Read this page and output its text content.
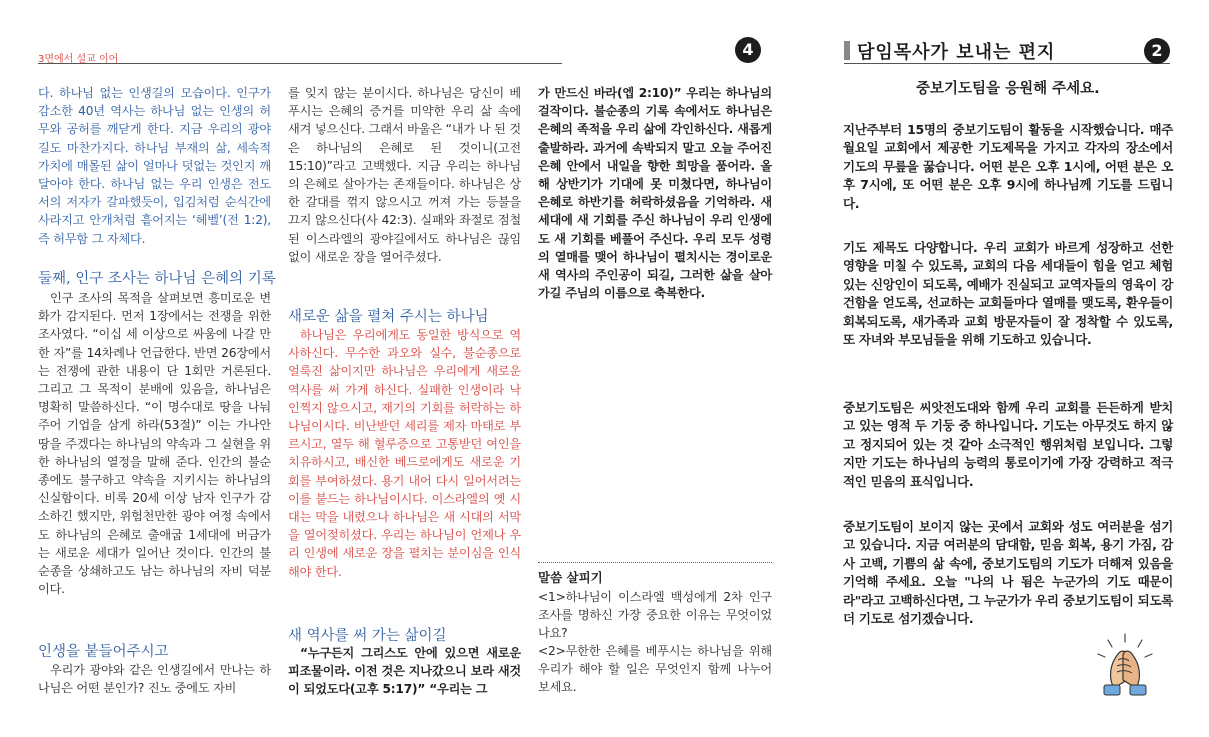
3면에서 설교 이어
4	담임목사가 보내는 편지	2
다. 하나님 없는 인생길의 모습이다. 인구가 감소한 40년 역사는 하나님 없는 인생의 허무와 공허를 깨닫게 한다. 지금 우리의 광야길도 마찬가지다. 하나님 부재의 삶, 세속적 가치에 매몰된 삶이 얼마나 덧없는 것인지 깨달아야 한다. 하나님 없는 우리 인생은 전도서의 저자가 갈파했듯이, 입김처럼 순식간에 사라지고 안개처럼 흩어지는 ‘헤벨’(전 1:2), 즉 허무함 그 자체다.
둘째, 인구 조사는 하나님 은혜의 기록
인구 조사의 목적을 살펴보면 흥미로운 변화가 감지된다. 먼저 1장에서는 전쟁을 위한 조사였다. “이십 세 이상으로 싸움에 나갈 만한 자”를 14차례나 언급한다. 반면 26장에서는 전쟁에 관한 내용이 단 1회만 거론된다. 그리고 그 목적이 분배에 있음을, 하나님은 명확히 말씀하신다. “이 명수대로 땅을 나눠 주어 기업을 삼게 하라(53절)” 이는 가나안 땅을 주겠다는 하나님의 약속과 그 실현을 위한 하나님의 열정을 말해 준다. 인간의 불순종에도 불구하고 약속을 지키시는 하나님의 신실함이다. 비록 20세 이상 남자 인구가 감소하긴 했지만, 위험천만한 광야 여정 속에서도 하나님의 은혜로 출애굽 1세대에 버금가는 새로운 세대가 일어난 것이다. 인간의 불순종을 상쇄하고도 남는 하나님의 자비 덕분이다.
인생을 붙들어주시고
우리가 광야와 같은 인생길에서 만나는 하나님은 어떤 분인가? 진노 중에도 자비
를 잊지 않는 분이시다. 하나님은 당신이 베푸시는 은혜의 증거를 미약한 우리 삶 속에 새겨 넣으신다. 그래서 바울은 “내가 나 된 것은 하나님의 은혜로 된 것이니(고전 15:10)”라고 고백했다. 지금 우리는 하나님의 은혜로 살아가는 존재들이다. 하나님은 상한 갈대를 꺾지 않으시고 꺼져 가는 등불을 끄지 않으신다(사 42:3). 실패와 좌절로 점철된 이스라엘의 광야길에서도 하나님은 끊임없이 새로운 장을 열어주셨다.
새로운 삶을 펼쳐 주시는 하나님
하나님은 우리에게도 동일한 방식으로 역사하신다. 무수한 과오와 실수, 불순종으로 얼룩진 삶이지만 하나님은 우리에게 새로운 역사를 써 가게 하신다. 실패한 인생이라 낙인찍지 않으시고, 재기의 기회를 허락하는 하나님이시다. 비난받던 세리를 제자 마태로 부르시고, 열두 해 혈루증으로 고통받던 여인을 치유하시고, 배신한 베드로에게도 새로운 기회를 부여하셨다. 용기 내어 다시 일어서려는 이를 붙드는 하나님이시다. 이스라엘의 옛 시대는 막을 내렸으나 하나님은 새 시대의 서막을 열어젖히셨다. 우리는 하나님이 언제나 우리 인생에 새로운 장을 펼치는 분이심을 인식해야 한다.
새 역사를 써 가는 삶이길
“누구든지 그리스도 안에 있으면 새로운 피조물이라. 이전 것은 지나갔으니 보라 새것이 되었도다(고후 5:17)” “우리는 그
가 만드신 바라(엡 2:10)” 우리는 하나님의 걸작이다. 불순종의 기록 속에서도 하나님은 은혜의 족적을 우리 삶에 각인하신다. 새롭게 출발하라. 과거에 속박되지 말고 오늘 주어진 은혜 안에서 내일을 향한 희망을 품어라. 올해 상반기가 기대에 못 미쳤다면, 하나님이 은혜로 하반기를 허락하셨음을 기억하라. 새 세대에 새 기회를 주신 하나님이 우리 인생에도 새 기회를 베풀어 주신다. 우리 모두 성령의 열매를 맺어 하나님이 펼치시는 경이로운 새 역사의 주인공이 되길, 그러한 삶을 살아가길 주님의 이름으로 축복한다.
말씀 살피기
<1>하나님이 이스라엘 백성에게 2차 인구 조사를 명하신 가장 중요한 이유는 무엇이었나요?
<2>무한한 은혜를 베푸시는 하나님을 위해 우리가 해야 할 일은 무엇인지 함께 나누어 보세요.
중보기도팀을 응원해 주세요.
지난주부터 15명의 중보기도팀이 활동을 시작했습니다. 매주 월요일 교회에서 제공한 기도제목을 가지고 각자의 장소에서 기도의 무릎을 꿇습니다. 어떤 분은 오후 1시에, 어떤 분은 오후 7시에, 또 어떤 분은 오후 9시에 하나님께 기도를 드립니다.
기도 제목도 다양합니다. 우리 교회가 바르게 성장하고 선한 영향을 미칠 수 있도록, 교회의 다음 세대들이 힘을 얻고 체험 있는 신앙인이 되도록, 예배가 진실되고 교역자들의 영육이 강건함을 얻도록, 선교하는 교회들마다 열매를 맺도록, 환우들이 회복되도록, 새가족과 교회 방문자들이 잘 정착할 수 있도록, 또 자녀와 부모님들을 위해 기도하고 있습니다.
중보기도팀은 씨앗전도대와 함께 우리 교회를 든든하게 받치고 있는 영적 두 기둥 중 하나입니다. 기도는 아무것도 하지 않고 정지되어 있는 것 같아 소극적인 행위처럼 보입니다. 그렇지만 기도는 하나님의 능력의 통로이기에 가장 강력하고 적극적인 믿음의 표식입니다.
중보기도팀이 보이지 않는 곳에서 교회와 성도 여러분을 섬기고 있습니다. 지금 여러분의 담대함, 믿음 회복, 용기 가짐, 감사 고백, 기쁨의 삶 속에, 중보기도팀의 기도가 더해져 있음을 기억해 주세요. 오늘 "나의 나 됨은 누군가의 기도 때문이라"라고 고백하신다면, 그 누군가가 우리 중보기도팀이 되도록 더 기도로 섬기겠습니다.
